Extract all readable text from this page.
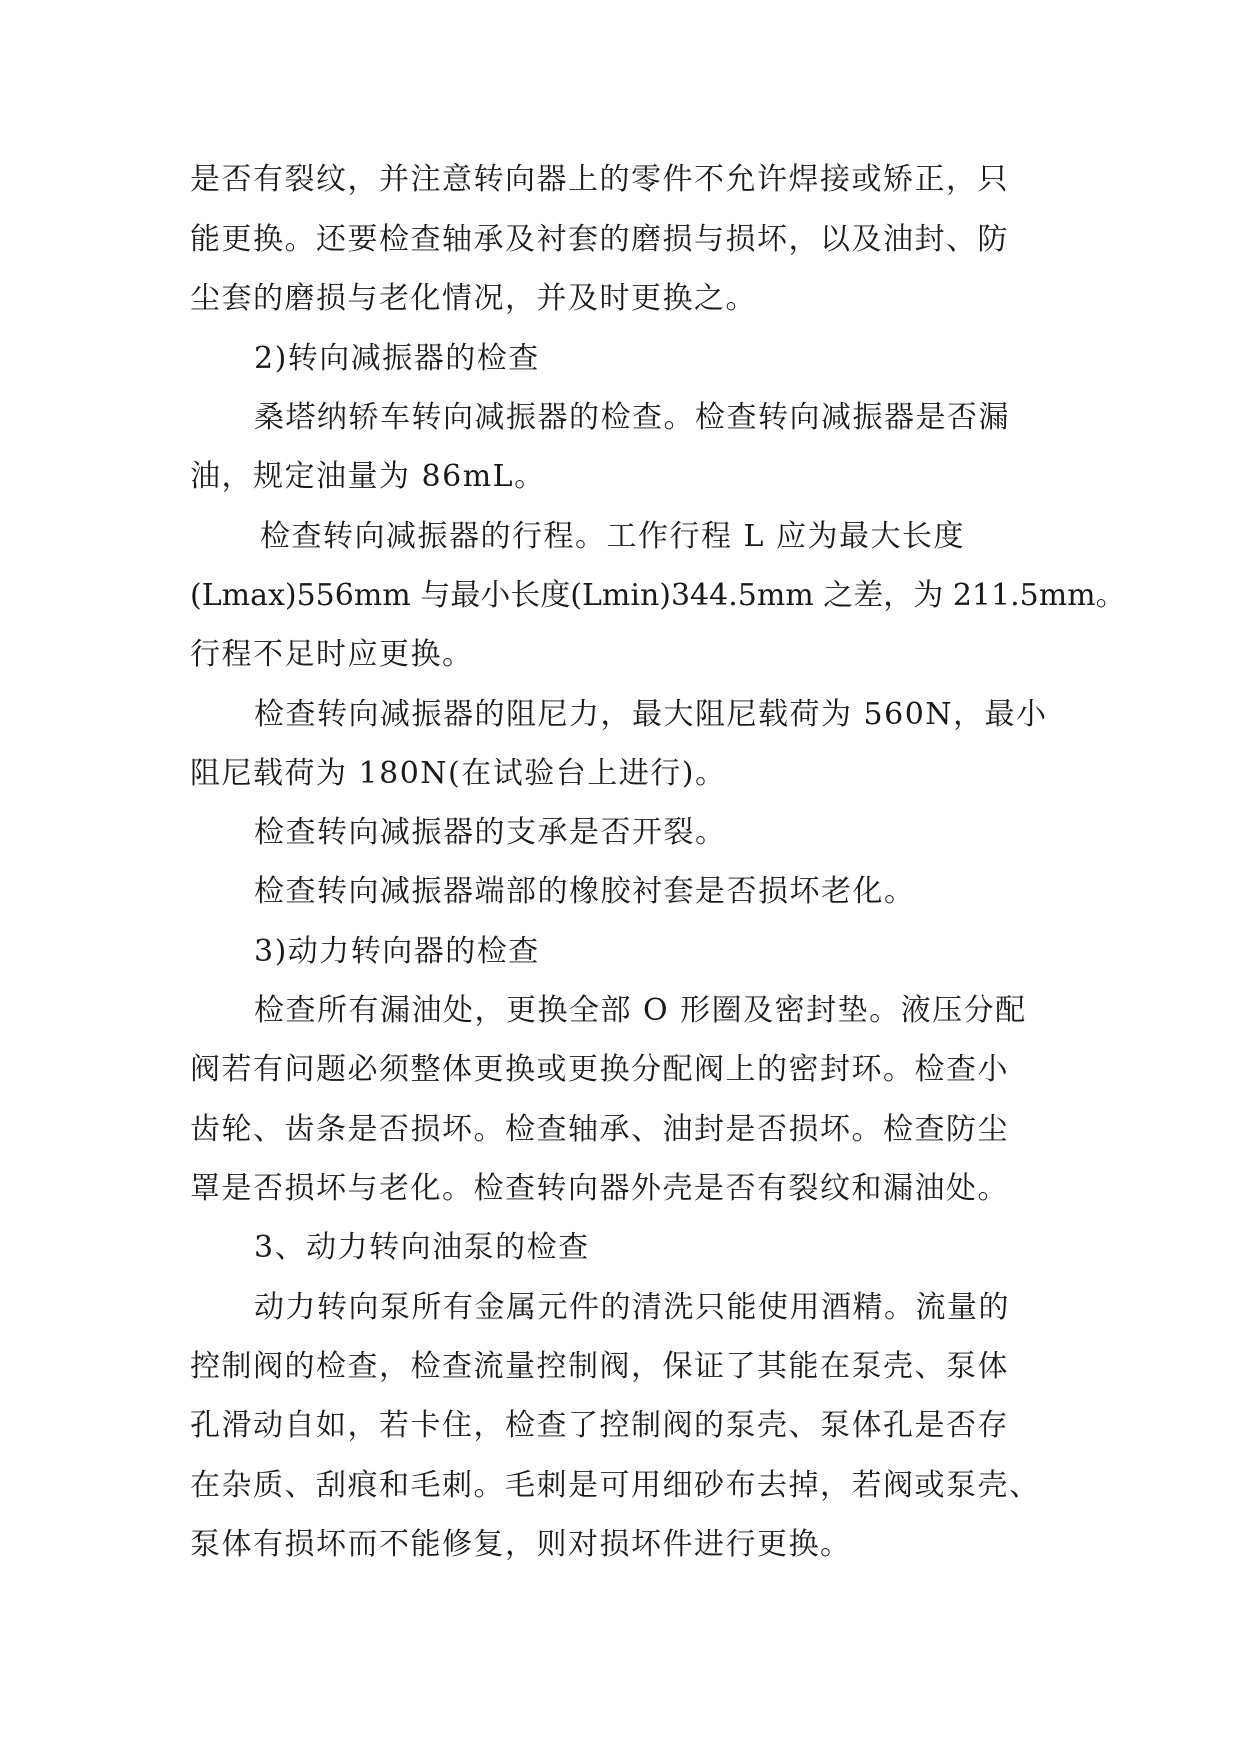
是否有裂纹，并注意转向器上的零件不允许焊接或矫正，只
能更换。还要检查轴承及衬套的磨损与损坏，以及油封、防
尘套的磨损与老化情况，并及时更换之。
2)转向减振器的检查
桑塔纳轿车转向减振器的检查。检查转向减振器是否漏
油，规定油量为 86mL。
检查转向减振器的行程。工作行程 L 应为最大长度
(Lmax)556mm 与最小长度(Lmin)344.5mm 之差，为 211.5mm。
行程不足时应更换。
检查转向减振器的阻尼力，最大阻尼载荷为 560N，最小
阻尼载荷为 180N(在试验台上进行)。
检查转向减振器的支承是否开裂。
检查转向减振器端部的橡胶衬套是否损坏老化。
3)动力转向器的检查
检查所有漏油处，更换全部 O 形圈及密封垫。液压分配
阀若有问题必须整体更换或更换分配阀上的密封环。检查小
齿轮、齿条是否损坏。检查轴承、油封是否损坏。检查防尘
罩是否损坏与老化。检查转向器外壳是否有裂纹和漏油处。
3、动力转向油泵的检查
动力转向泵所有金属元件的清洗只能使用酒精。流量的
控制阀的检查，检查流量控制阀，保证了其能在泵壳、泵体
孔滑动自如，若卡住，检查了控制阀的泵壳、泵体孔是否存
在杂质、刮痕和毛刺。毛刺是可用细砂布去掉，若阀或泵壳、
泵体有损坏而不能修复，则对损坏件进行更换。
